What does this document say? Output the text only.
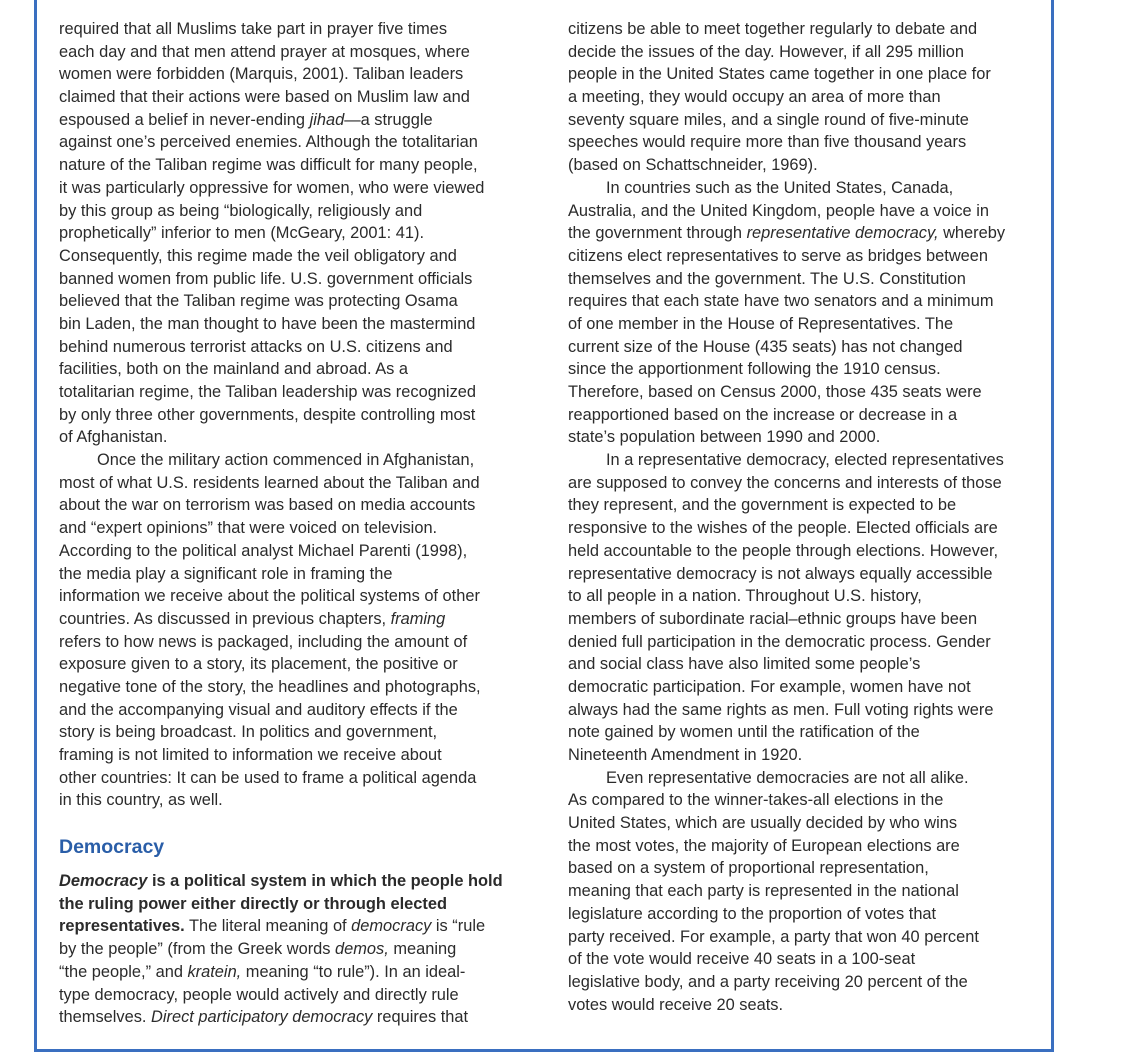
required that all Muslims take part in prayer five times
each day and that men attend prayer at mosques, where
women were forbidden (Marquis, 2001). Taliban leaders
claimed that their actions were based on Muslim law and
espoused a belief in never-ending jihad—a struggle
against one’s perceived enemies. Although the totalitarian
nature of the Taliban regime was difficult for many people,
it was particularly oppressive for women, who were viewed
by this group as being “biologically, religiously and
prophetically” inferior to men (McGeary, 2001: 41).
Consequently, this regime made the veil obligatory and
banned women from public life. U.S. government officials
believed that the Taliban regime was protecting Osama
bin Laden, the man thought to have been the mastermind
behind numerous terrorist attacks on U.S. citizens and
facilities, both on the mainland and abroad. As a
totalitarian regime, the Taliban leadership was recognized
by only three other governments, despite controlling most
of Afghanistan.
Once the military action commenced in Afghanistan,
most of what U.S. residents learned about the Taliban and
about the war on terrorism was based on media accounts
and “expert opinions” that were voiced on television.
According to the political analyst Michael Parenti (1998),
the media play a significant role in framing the
information we receive about the political systems of other
countries. As discussed in previous chapters, framing
refers to how news is packaged, including the amount of
exposure given to a story, its placement, the positive or
negative tone of the story, the headlines and photographs,
and the accompanying visual and auditory effects if the
story is being broadcast. In politics and government,
framing is not limited to information we receive about
other countries: It can be used to frame a political agenda
in this country, as well.
Democracy
Democracy is a political system in which the people hold
the ruling power either directly or through elected
representatives. The literal meaning of democracy is “rule
by the people” (from the Greek words demos, meaning
“the people,” and kratein, meaning “to rule”). In an ideal-
type democracy, people would actively and directly rule
themselves. Direct participatory democracy requires that
citizens be able to meet together regularly to debate and
decide the issues of the day. However, if all 295 million
people in the United States came together in one place for
a meeting, they would occupy an area of more than
seventy square miles, and a single round of five-minute
speeches would require more than five thousand years
(based on Schattschneider, 1969).
In countries such as the United States, Canada,
Australia, and the United Kingdom, people have a voice in
the government through representative democracy, whereby
citizens elect representatives to serve as bridges between
themselves and the government. The U.S. Constitution
requires that each state have two senators and a minimum
of one member in the House of Representatives. The
current size of the House (435 seats) has not changed
since the apportionment following the 1910 census.
Therefore, based on Census 2000, those 435 seats were
reapportioned based on the increase or decrease in a
state’s population between 1990 and 2000.
In a representative democracy, elected representatives
are supposed to convey the concerns and interests of those
they represent, and the government is expected to be
responsive to the wishes of the people. Elected officials are
held accountable to the people through elections. However,
representative democracy is not always equally accessible
to all people in a nation. Throughout U.S. history,
members of subordinate racial–ethnic groups have been
denied full participation in the democratic process. Gender
and social class have also limited some people’s
democratic participation. For example, women have not
always had the same rights as men. Full voting rights were
note gained by women until the ratification of the
Nineteenth Amendment in 1920.
Even representative democracies are not all alike.
As compared to the winner-takes-all elections in the
United States, which are usually decided by who wins
the most votes, the majority of European elections are
based on a system of proportional representation,
meaning that each party is represented in the national
legislature according to the proportion of votes that
party received. For example, a party that won 40 percent
of the vote would receive 40 seats in a 100-seat
legislative body, and a party receiving 20 percent of the
votes would receive 20 seats.
